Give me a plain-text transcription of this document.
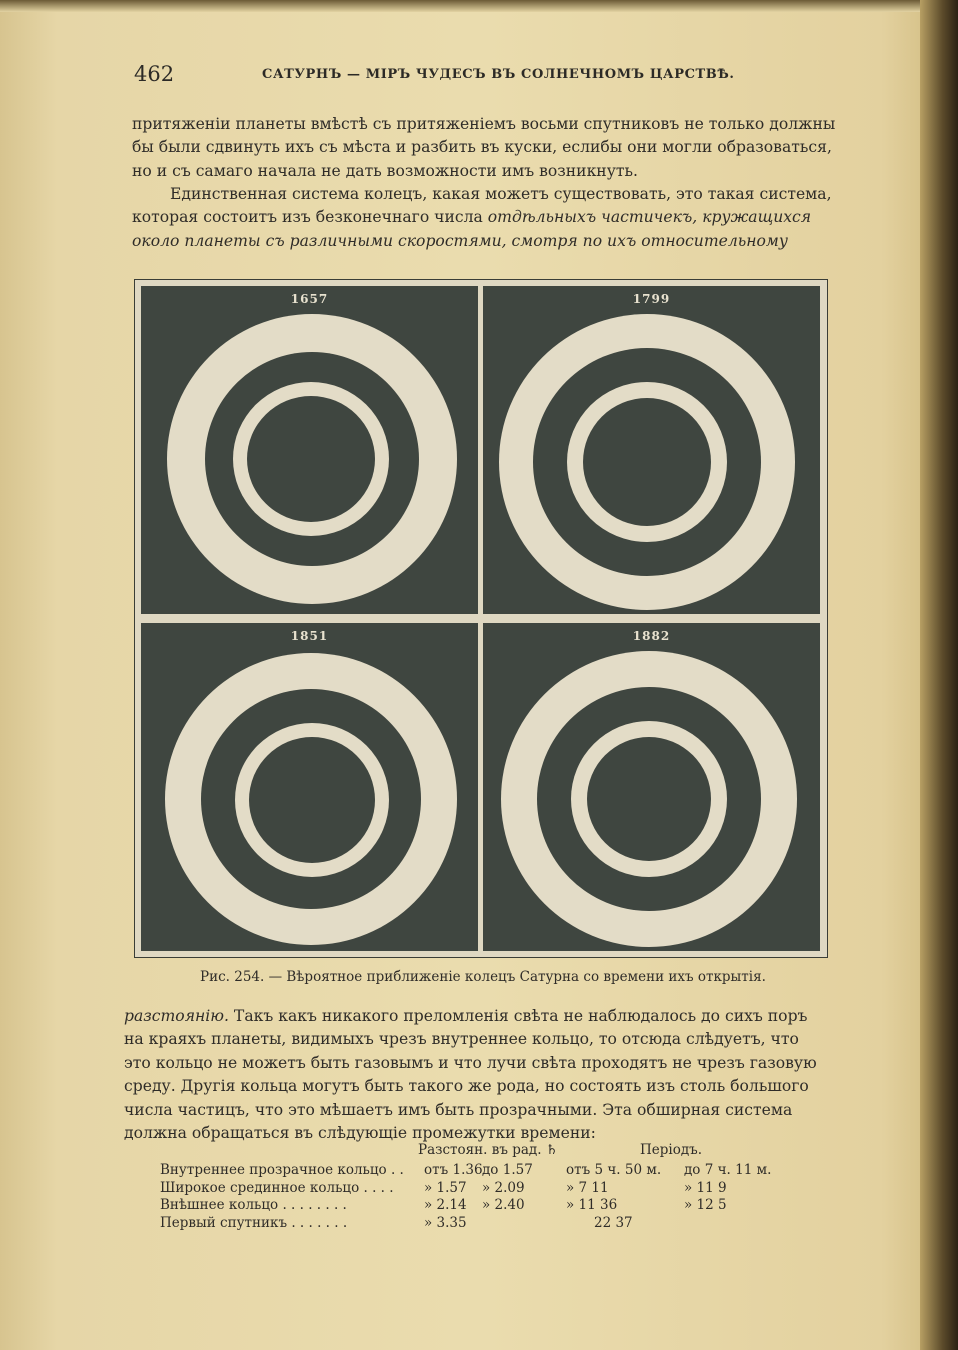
462	САТУРНЪ — МІРЪ ЧУДЕСЪ ВЪ СОЛНЕЧНОМЪ ЦАРСТВѢ.
притяженіи планеты вмѣстѣ съ притяженіемъ восьми спутниковъ не только должны
бы были сдвинуть ихъ съ мѣста и разбить въ куски, еслибы они могли образоваться,
но и съ самаго начала не дать возможности имъ возникнуть.
Единственная система колецъ, какая можетъ существовать, это такая система,
которая состоитъ изъ безконечнаго числа отдѣльныхъ частичекъ, кружащихся
около планеты съ различными скоростями, смотря по ихъ относительному
1657	1799
1851	1882
Рис. 254. — Вѣроятное приближеніе колецъ Сатурна со времени ихъ открытія.
разстоянію. Такъ какъ никакого преломленія свѣта не наблюдалось до сихъ поръ
на краяхъ планеты, видимыхъ чрезъ внутреннее кольцо, то отсюда слѣдуетъ, что
это кольцо не можетъ быть газовымъ и что лучи свѣта проходятъ не чрезъ газовую
среду. Другія кольца могутъ быть такого же рода, но состоять изъ столь большого
числа частицъ, что это мѣшаетъ имъ быть прозрачными. Эта обширная система
должна обращаться въ слѣдующіе промежутки времени:
Разстоян. въ рад. ♄	Періодъ.
Внутреннее прозрачное кольцо . . отъ 1.36 до 1.57 отъ 5 ч. 50 м. до 7 ч. 11 м.
Широкое срединное кольцо . . . . » 1.57 » 2.09	» 7 11	» 11 9
Внѣшнее кольцо . . . . . . . .	» 2.14 » 2.40	» 11 36	» 12 5
Первый спутникъ . . . . . . .	» 3.35	22 37
